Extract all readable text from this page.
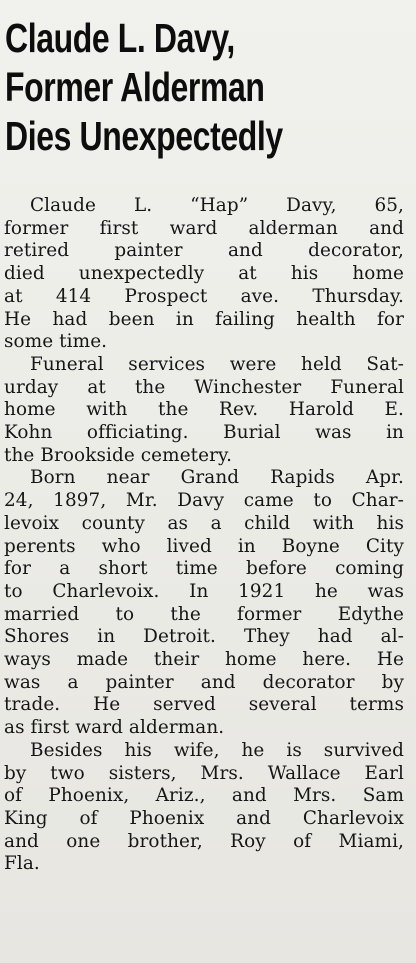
Claude L. Davy,
Former Alderman
Dies Unexpectedly

Claude L. “Hap” Davy, 65,
former first ward alderman and
retired painter and decorator,
died unexpectedly at his home
at 414 Prospect ave. Thursday.
He had been in failing health for
some time.

Funeral services were held Sat-
urday at the Winchester Funeral
home with the Rev. Harold E.
Kohn officiating. Burial was in
the Brookside cemetery.

Born near Grand Rapids Apr.
24, 1897, Mr. Davy came to Char-
levoix county as a child with his
perents who lived in Boyne City
for a short time before coming
to Charlevoix. In 1921 he was
married to the former Edythe
Shores in Detroit. They had al-
ways made their home here. He
was a painter and decorator by
trade. He served several terms
as first ward alderman.

Besides his wife, he is survived
by two sisters, Mrs. Wallace Earl
of Phoenix, Ariz., and Mrs. Sam
King of Phoenix and Charlevoix
and one brother, Roy of Miami,
Fla.
